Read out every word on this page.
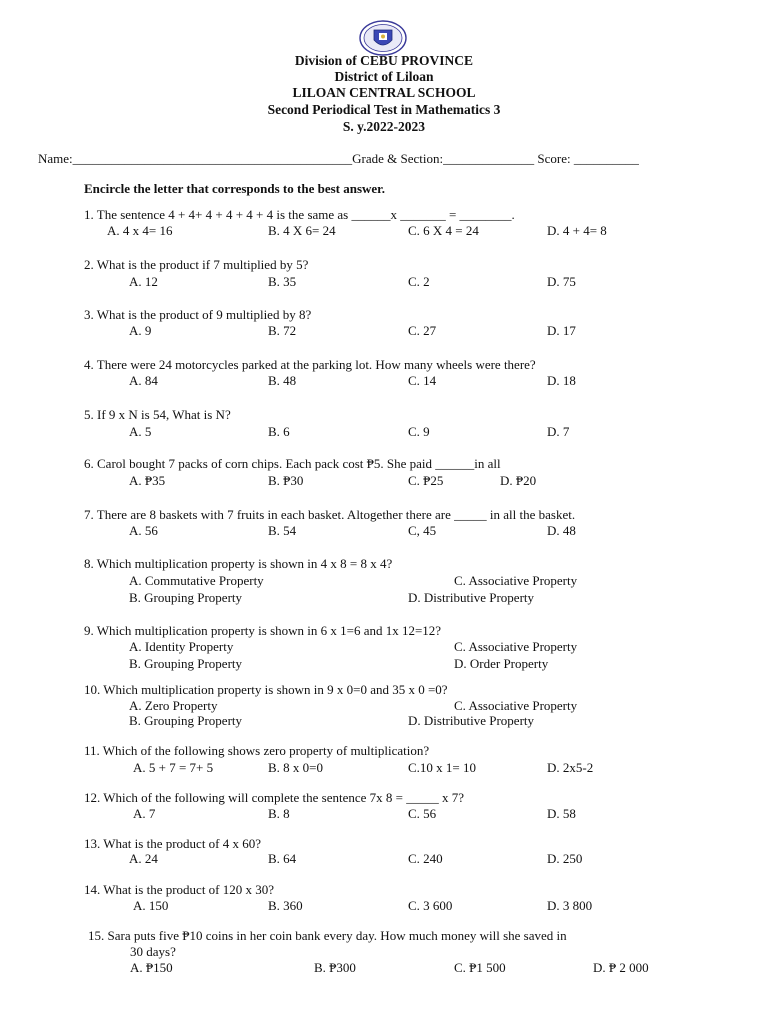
Division of CEBU PROVINCE
District of Liloan
LILOAN CENTRAL SCHOOL
Second Periodical Test in Mathematics 3
S. y.2022-2023
Name:___________________________________________Grade & Section:______________ Score: __________
Encircle the letter that corresponds to the best answer.
1. The sentence 4 + 4+ 4 + 4 + 4 + 4 is the same as ______x _______ = ________.
A. 4 x 4= 16	B. 4 X 6= 24	C. 6 X 4 = 24	D. 4 + 4= 8
2. What is the product if 7 multiplied by 5?
A. 12	B. 35	C. 2	D. 75
3. What is the product of 9 multiplied by 8?
A. 9	B. 72	C. 27	D. 17
4. There were 24 motorcycles parked at the parking lot. How many wheels were there?
A. 84	B. 48	C. 14	D. 18
5. If 9 x N is 54, What is N?
A. 5	B. 6	C. 9	D. 7
6. Carol bought 7 packs of corn chips. Each pack cost ₱5. She paid ______in all
A. ₱35	B. ₱30	C. ₱25	D. ₱20
7. There are 8 baskets with 7 fruits in each basket. Altogether there are _____ in all the basket.
A. 56	B. 54	C, 45	D. 48
8. Which multiplication property is shown in 4 x 8 = 8 x 4?
A. Commutative Property	C. Associative Property
B. Grouping Property	D. Distributive Property
9. Which multiplication property is shown in 6 x 1=6 and 1x 12=12?
A. Identity Property	C. Associative Property
B. Grouping Property	D. Order Property
10. Which multiplication property is shown in 9 x 0=0 and 35 x 0 =0?
A. Zero Property	C. Associative Property
B. Grouping Property	D. Distributive Property
11. Which of the following shows zero property of multiplication?
A. 5 + 7 = 7+ 5	B. 8 x 0=0	C.10 x 1= 10	D. 2x5-2
12. Which of the following will complete the sentence 7x 8 = _____ x 7?
A. 7	B. 8	C. 56	D. 58
13. What is the product of 4 x 60?
A. 24	B. 64	C. 240	D. 250
14. What is the product of 120 x 30?
A. 150	B. 360	C. 3 600	D. 3 800
15. Sara puts five ₱10 coins in her coin bank every day. How much money will she saved in
30 days?
A. ₱150	B. ₱300	C. ₱1 500	D. ₱ 2 000
